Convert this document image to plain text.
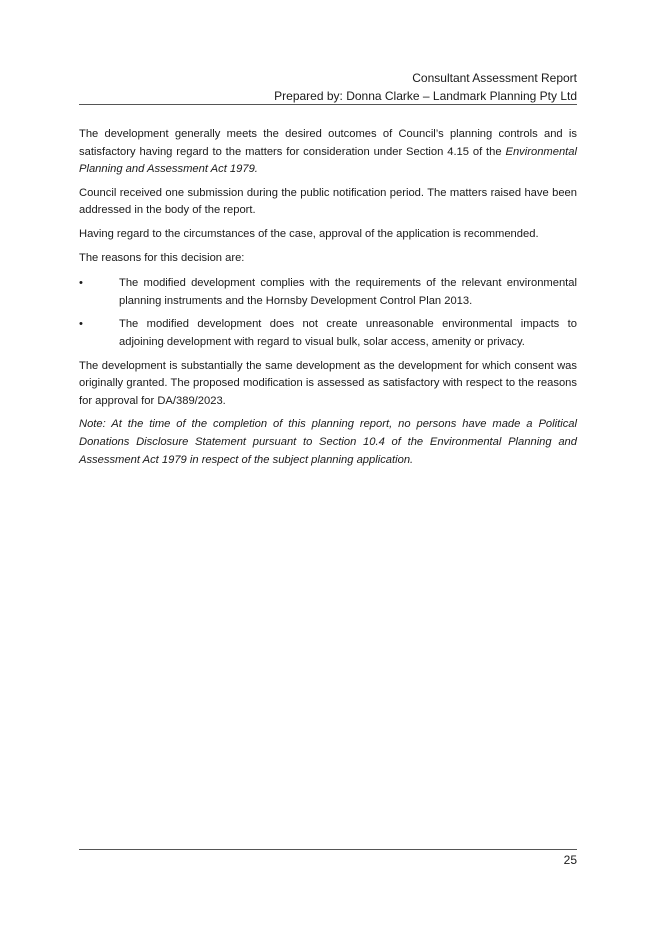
Consultant Assessment Report
Prepared by: Donna Clarke – Landmark Planning Pty Ltd

The development generally meets the desired outcomes of Council’s planning controls and is satisfactory having regard to the matters for consideration under Section 4.15 of the Environmental Planning and Assessment Act 1979.

Council received one submission during the public notification period. The matters raised have been addressed in the body of the report.

Having regard to the circumstances of the case, approval of the application is recommended.

The reasons for this decision are:

•	The modified development complies with the requirements of the relevant environmental planning instruments and the Hornsby Development Control Plan 2013.
•	The modified development does not create unreasonable environmental impacts to adjoining development with regard to visual bulk, solar access, amenity or privacy.

The development is substantially the same development as the development for which consent was originally granted. The proposed modification is assessed as satisfactory with respect to the reasons for approval for DA/389/2023.

Note: At the time of the completion of this planning report, no persons have made a Political Donations Disclosure Statement pursuant to Section 10.4 of the Environmental Planning and Assessment Act 1979 in respect of the subject planning application.

25
